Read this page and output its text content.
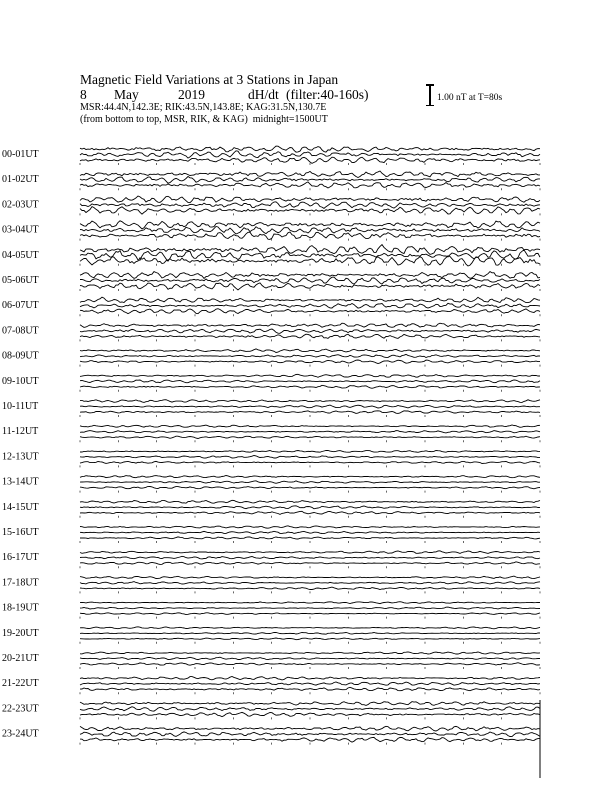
Magnetic Field Variations at 3 Stations in Japan
8	May	2019	dH/dt (filter:40-160s)
MSR:44.4N,142.3E; RIK:43.5N,143.8E; KAG:31.5N,130.7E
(from bottom to top, MSR, RIK, & KAG) midnight=1500UT
1.00 nT at T=80s
00-01UT
01-02UT
02-03UT
03-04UT
04-05UT
05-06UT
06-07UT
07-08UT
08-09UT
09-10UT
10-11UT
11-12UT
12-13UT
13-14UT
14-15UT
15-16UT
16-17UT
17-18UT
18-19UT
19-20UT
20-21UT
21-22UT
22-23UT
23-24UT
